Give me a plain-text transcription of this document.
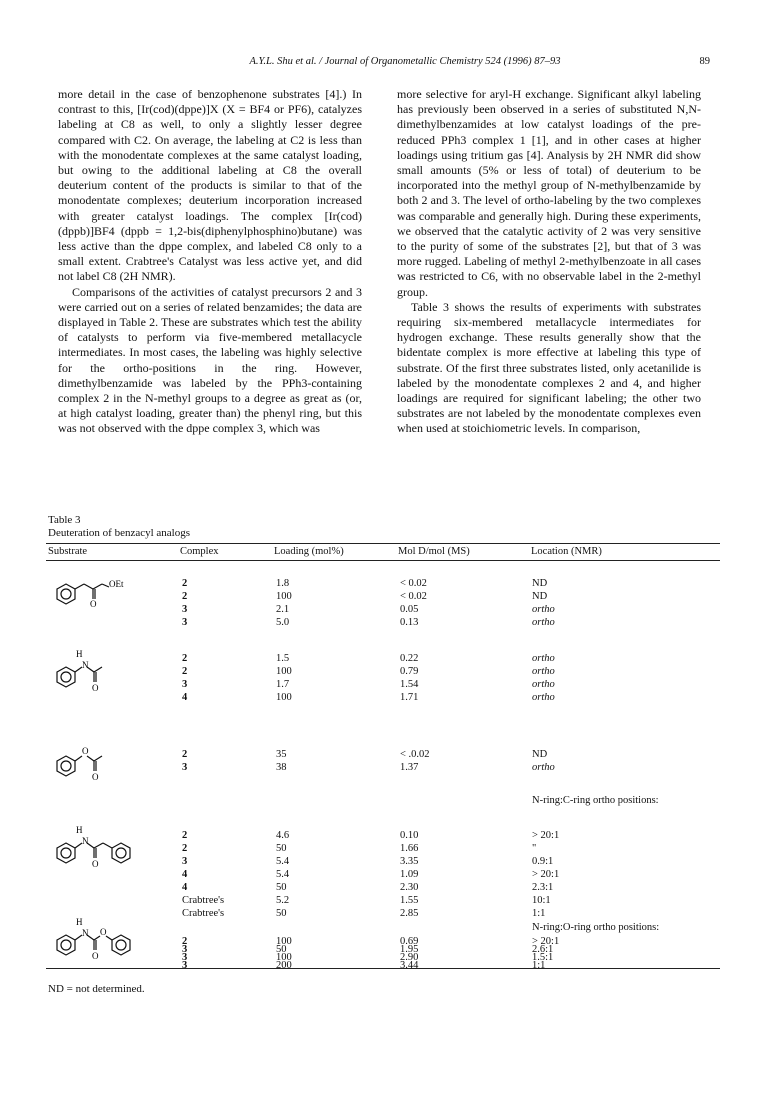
A.Y.L. Shu et al. / Journal of Organometallic Chemistry 524 (1996) 87–93	89

more detail in the case of benzophenone substrates [4].) In contrast to this, [Ir(cod)(dppe)]X (X = BF4 or PF6), catalyzes labeling at C8 as well, to only a slightly lesser degree compared with C2. On average, the labeling at C2 is less than with the monodentate complexes at the same catalyst loading, but owing to the additional labeling at C8 the overall deuterium content of the products is similar to that of the monodentate complexes; deuterium incorporation increased with greater catalyst loadings. The complex [Ir(cod)(dppb)]BF4 (dppb = 1,2-bis(diphenylphosphino)butane) was less active than the dppe complex, and labeled C8 only to a small extent. Crabtree's Catalyst was less active yet, and did not label C8 (2H NMR).

Comparisons of the activities of catalyst precursors 2 and 3 were carried out on a series of related benzamides; the data are displayed in Table 2. These are substrates which test the ability of catalysts to perform via five-membered metallacycle intermediates. In most cases, the labeling was highly selective for the ortho-positions in the ring. However, dimethylbenzamide was labeled by the PPh3-containing complex 2 in the N-methyl groups to a degree as great as (or, at high catalyst loading, greater than) the phenyl ring, but this was not observed with the dppe complex 3, which was

more selective for aryl-H exchange. Significant alkyl labeling has previously been observed in a series of substituted N,N-dimethylbenzamides at low catalyst loadings of the pre-reduced PPh3 complex 1 [1], and in other cases at higher loadings using tritium gas [4]. Analysis by 2H NMR did show small amounts (5% or less of total) of deuterium to be incorporated into the methyl group of N-methylbenzamide by both 2 and 3. The level of ortho-labeling by the two complexes was comparable and generally high. During these experiments, we observed that the catalytic activity of 2 was very sensitive to the purity of some of the substrates [2], but that of 3 was more rugged. Labeling of methyl 2-methylbenzoate in all cases was restricted to C6, with no observable label in the 2-methyl group.

Table 3 shows the results of experiments with substrates requiring six-membered metallacycle intermediates for hydrogen exchange. These results generally show that the bidentate complex is more effective at labeling this type of substrate. Of the first three substrates listed, only acetanilide is labeled by the monodentate complexes 2 and 4, and higher loadings are required for significant labeling; the other two substrates are not labeled by the monodentate complexes even when used at stoichiometric levels. In comparison,

Table 3
Deuteration of benzacyl analogs
Substrate	Complex	Loading (mol%)	Mol D/mol (MS)	Location (NMR)
OEt
O
H
N
O
O
O
H
N
O
H
N O
O
2	1.8	< 0.02	ND
2	100	< 0.02	ND
3	2.1	0.05	ortho
3	5.0	0.13	ortho
2	1.5	0.22	ortho
2	100	0.79	ortho
3	1.7	1.54	ortho
4	100	1.71	ortho
2	35	< .0.02	ND
3	38	1.37	ortho
N-ring:C-ring ortho positions:
2	4.6	0.10	> 20:1
2	50	1.66	"
3	5.4	3.35	0.9:1
4	5.4	1.09	> 20:1
4	50	2.30	2.3:1
Crabtree's	5.2	1.55	10:1
Crabtree's	50	2.85	1:1
N-ring:O-ring ortho positions:
2	100	0.69	> 20:1
3	50	1.95	2.6:1
3	100	2.90	1.5:1
3	200	3.44	1:1
ND = not determined.
